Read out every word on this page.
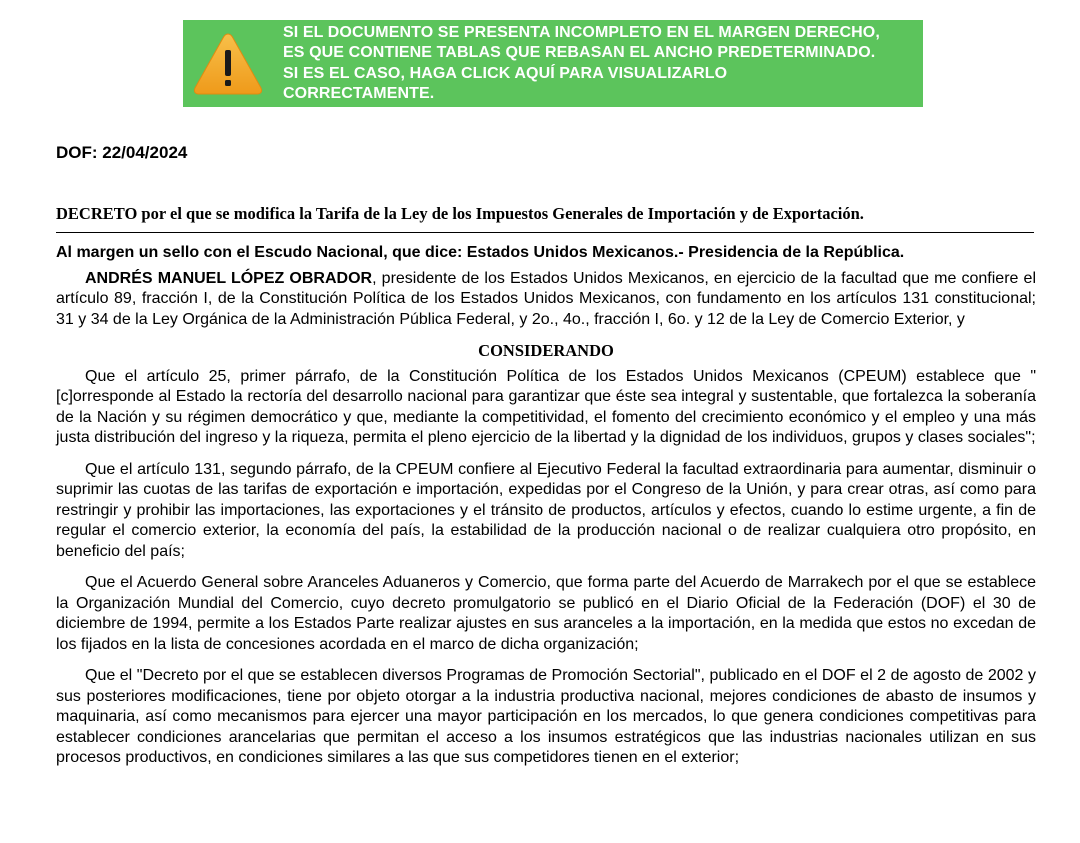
SI EL DOCUMENTO SE PRESENTA INCOMPLETO EN EL MARGEN DERECHO, ES QUE CONTIENE TABLAS QUE REBASAN EL ANCHO PREDETERMINADO. SI ES EL CASO, HAGA CLICK AQUÍ PARA VISUALIZARLO CORRECTAMENTE.
DOF: 22/04/2024
DECRETO por el que se modifica la Tarifa de la Ley de los Impuestos Generales de Importación y de Exportación.

Al margen un sello con el Escudo Nacional, que dice: Estados Unidos Mexicanos.- Presidencia de la República.

ANDRÉS MANUEL LÓPEZ OBRADOR, presidente de los Estados Unidos Mexicanos, en ejercicio de la facultad que me confiere el artículo 89, fracción I, de la Constitución Política de los Estados Unidos Mexicanos, con fundamento en los artículos 131 constitucional; 31 y 34 de la Ley Orgánica de la Administración Pública Federal, y 2o., 4o., fracción I, 6o. y 12 de la Ley de Comercio Exterior, y

CONSIDERANDO

Que el artículo 25, primer párrafo, de la Constitución Política de los Estados Unidos Mexicanos (CPEUM) establece que "[c]orresponde al Estado la rectoría del desarrollo nacional para garantizar que éste sea integral y sustentable, que fortalezca la soberanía de la Nación y su régimen democrático y que, mediante la competitividad, el fomento del crecimiento económico y el empleo y una más justa distribución del ingreso y la riqueza, permita el pleno ejercicio de la libertad y la dignidad de los individuos, grupos y clases sociales";

Que el artículo 131, segundo párrafo, de la CPEUM confiere al Ejecutivo Federal la facultad extraordinaria para aumentar, disminuir o suprimir las cuotas de las tarifas de exportación e importación, expedidas por el Congreso de la Unión, y para crear otras, así como para restringir y prohibir las importaciones, las exportaciones y el tránsito de productos, artículos y efectos, cuando lo estime urgente, a fin de regular el comercio exterior, la economía del país, la estabilidad de la producción nacional o de realizar cualquiera otro propósito, en beneficio del país;

Que el Acuerdo General sobre Aranceles Aduaneros y Comercio, que forma parte del Acuerdo de Marrakech por el que se establece la Organización Mundial del Comercio, cuyo decreto promulgatorio se publicó en el Diario Oficial de la Federación (DOF) el 30 de diciembre de 1994, permite a los Estados Parte realizar ajustes en sus aranceles a la importación, en la medida que estos no excedan de los fijados en la lista de concesiones acordada en el marco de dicha organización;

Que el "Decreto por el que se establecen diversos Programas de Promoción Sectorial", publicado en el DOF el 2 de agosto de 2002 y sus posteriores modificaciones, tiene por objeto otorgar a la industria productiva nacional, mejores condiciones de abasto de insumos y maquinaria, así como mecanismos para ejercer una mayor participación en los mercados, lo que genera condiciones competitivas para establecer condiciones arancelarias que permitan el acceso a los insumos estratégicos que las industrias nacionales utilizan en sus procesos productivos, en condiciones similares a las que sus competidores tienen en el exterior;
